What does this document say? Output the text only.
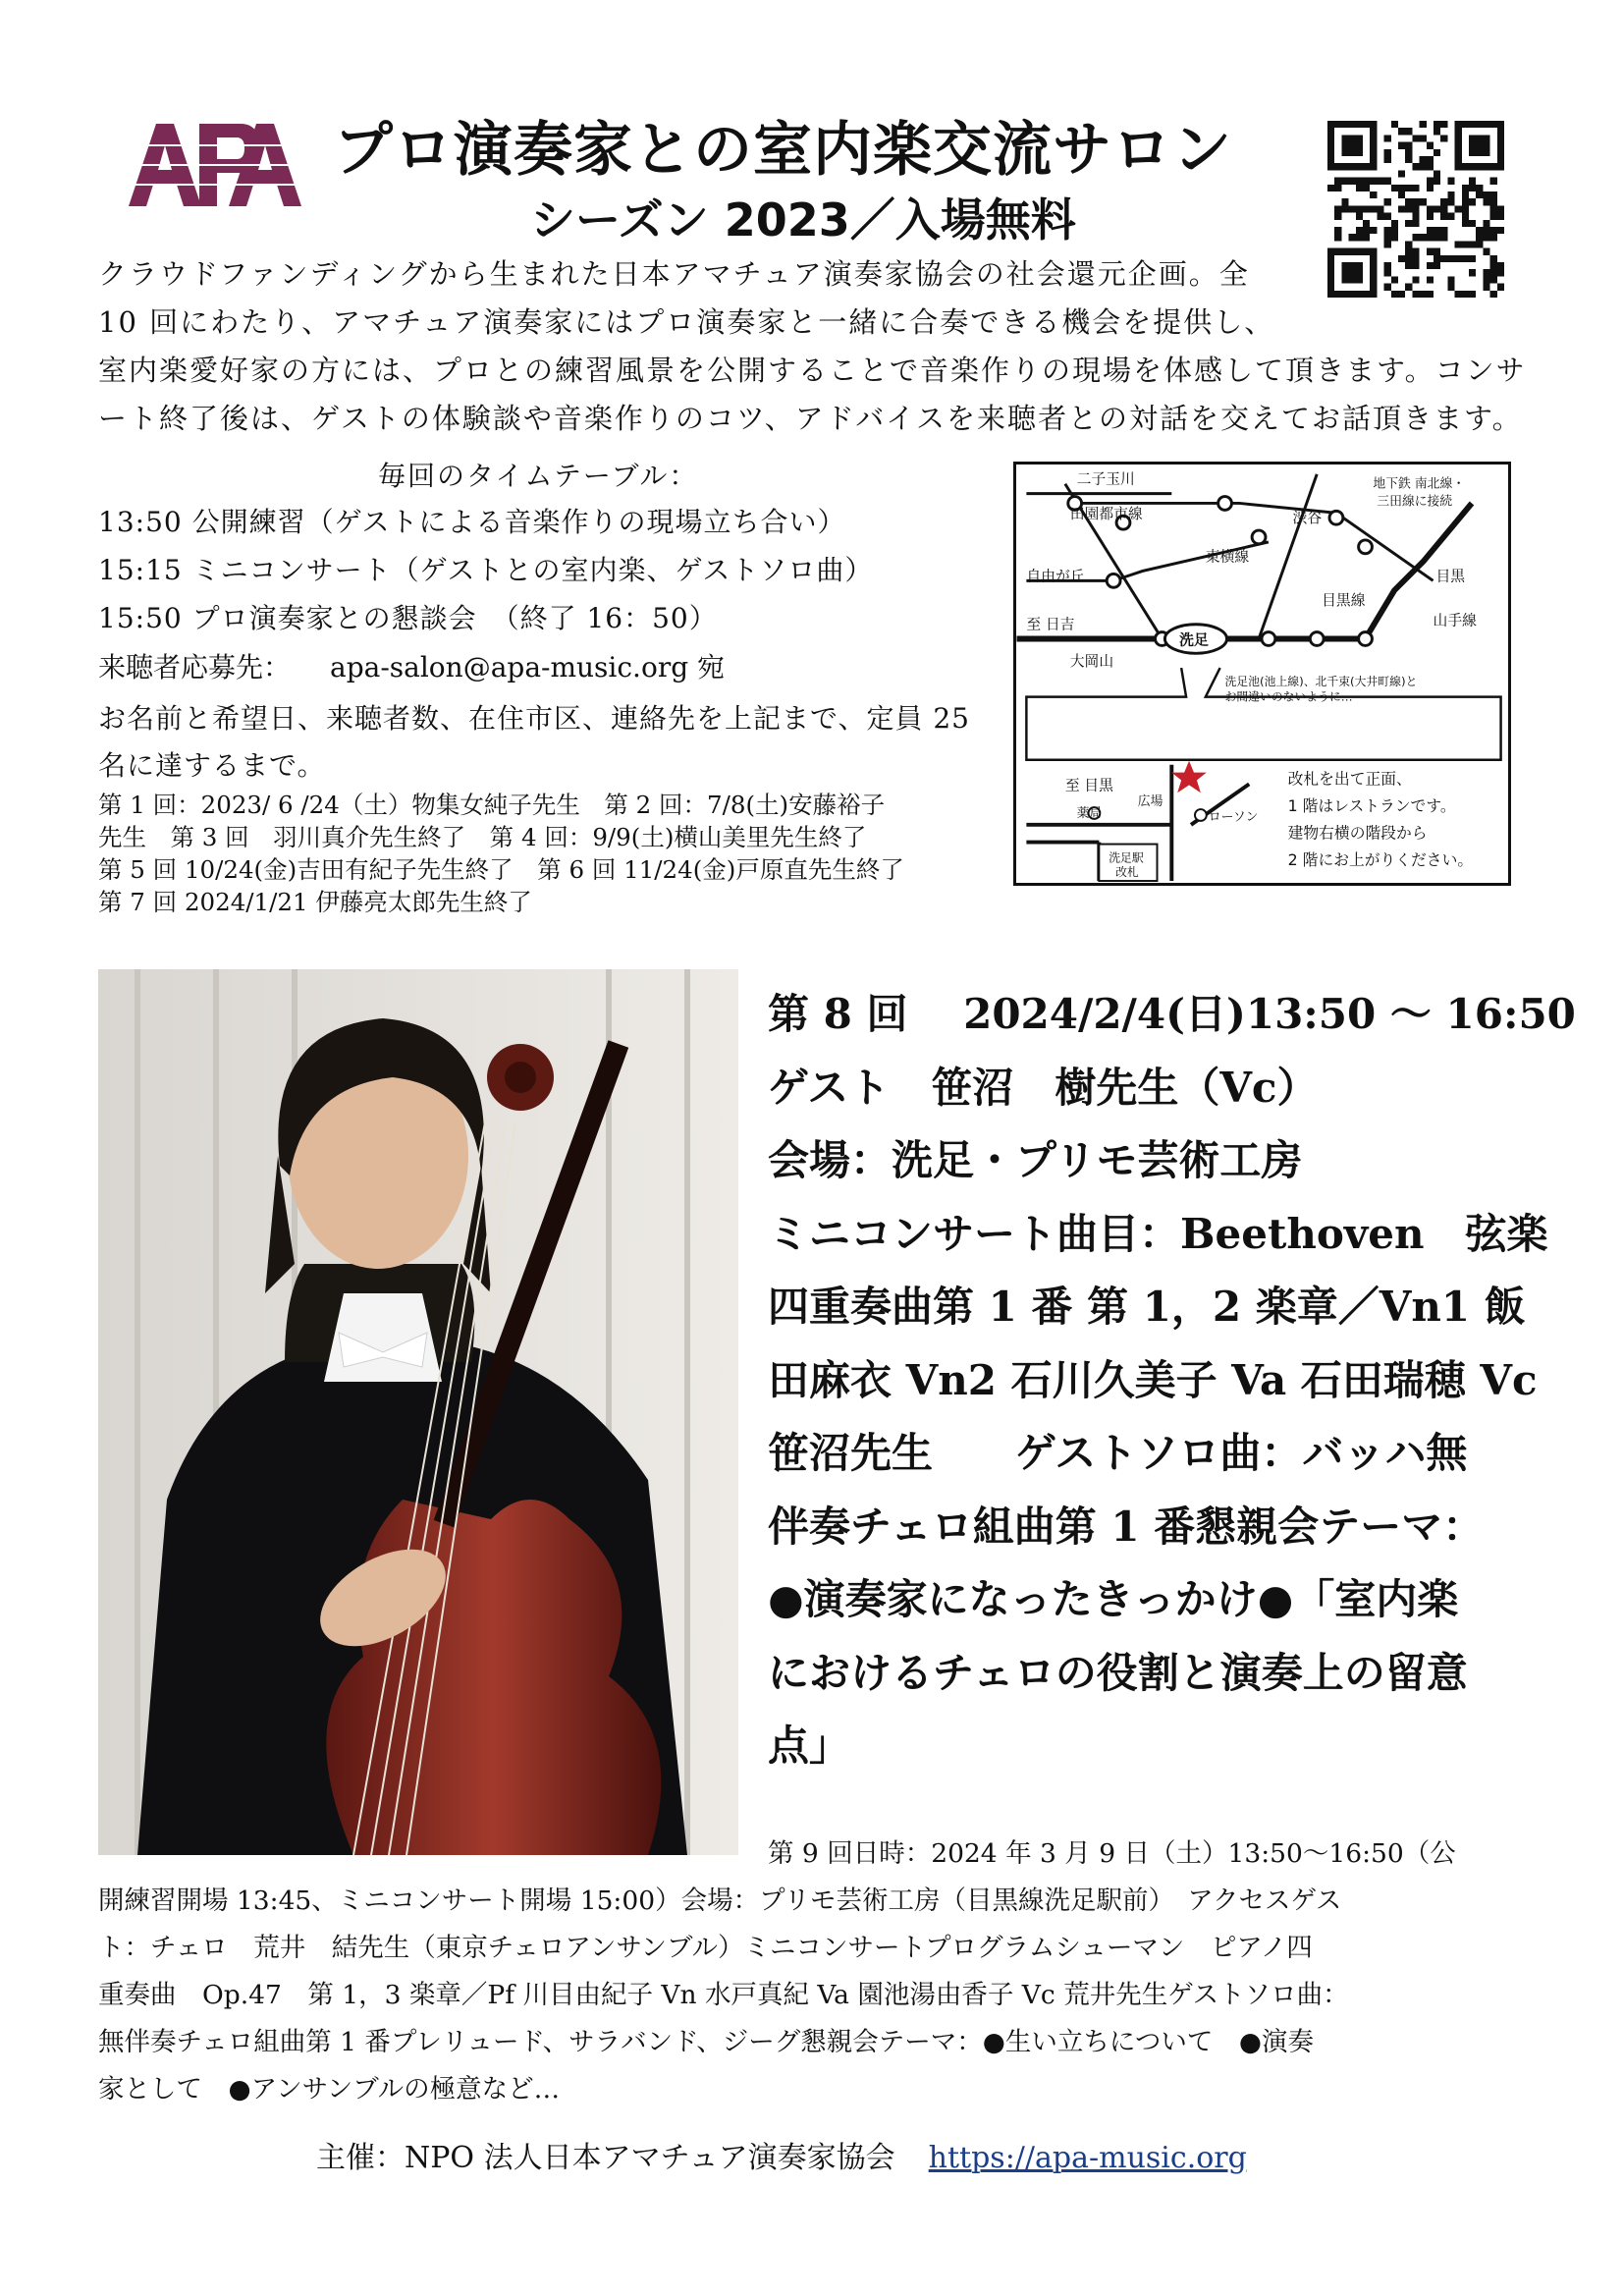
プロ演奏家との室内楽交流サロン
シーズン 2023／入場無料
クラウドファンディングから生まれた日本アマチュア演奏家協会の社会還元企画。全
10 回にわたり、アマチュア演奏家にはプロ演奏家と一緒に合奏できる機会を提供し、
室内楽愛好家の方には、プロとの練習風景を公開することで音楽作りの現場を体感して頂きます。コンサ
ート終了後は、ゲストの体験談や音楽作りのコツ、アドバイスを来聴者との対話を交えてお話頂きます。
毎回のタイムテーブル：
13:50 公開練習（ゲストによる音楽作りの現場立ち合い）
15:15 ミニコンサート（ゲストとの室内楽、ゲストソロ曲）
15:50 プロ演奏家との懇談会　（終了 16：50）
来聴者応募先： apa-salon@apa-music.org 宛
お名前と希望日、来聴者数、在住市区、連絡先を上記まで、定員 25 名に達するまで。
第 1 回：2023/ 6 /24（土）物集女純子先生　第 2 回：7/8(土)安藤裕子
先生　第 3 回　羽川真介先生終了　第 4 回：9/9(土)横山美里先生終了
第 5 回 10/24(金)吉田有紀子先生終了　第 6 回 11/24(金)戸原直先生終了
第 7 回 2024/1/21 伊藤亮太郎先生終了
二子玉川
田園都市線
地下鉄 南北線・
三田線に接続
渋谷
東横線
自由が丘	目黒
目黒線
山手線
至 日吉
大岡山
洗足
洗足池(池上線)、北千束(大井町線)と
お間違いのないように…
至 目黒
薬局
広場
ローソン
洗足駅
改札
改札を出て正面、
1 階はレストランです。
建物右横の階段から
2 階にお上がりください。
第 8 回　 2024/2/4(日)13:50 〜 16:50
ゲスト　笹沼　樹先生（Vc）
会場：洗足・プリモ芸術工房
ミニコンサート曲目：Beethoven　弦楽
四重奏曲第 1 番 第 1，2 楽章／Vn1 飯
田麻衣 Vn2 石川久美子 Va 石田瑞穂 Vc
笹沼先生　　ゲストソロ曲：バッハ無
伴奏チェロ組曲第 1 番懇親会テーマ：
●演奏家になったきっかけ●「室内楽
におけるチェロの役割と演奏上の留意
点」
第 9 回日時：2024 年 3 月 9 日（土）13:50〜16:50（公
開練習開場 13:45、ミニコンサート開場 15:00）会場：プリモ芸術工房（目黒線洗足駅前）　アクセスゲス
ト：チェロ　荒井　結先生（東京チェロアンサンブル）ミニコンサートプログラムシューマン　ピアノ四
重奏曲　Op.47　第 1，3 楽章／Pf 川目由紀子 Vn 水戸真紀 Va 園池湯由香子 Vc 荒井先生ゲストソロ曲：
無伴奏チェロ組曲第 1 番プレリュード、サラバンド、ジーグ懇親会テーマ：●生い立ちについて　●演奏
家として　●アンサンブルの極意など…
主催：NPO 法人日本アマチュア演奏家協会 https://apa-music.org
